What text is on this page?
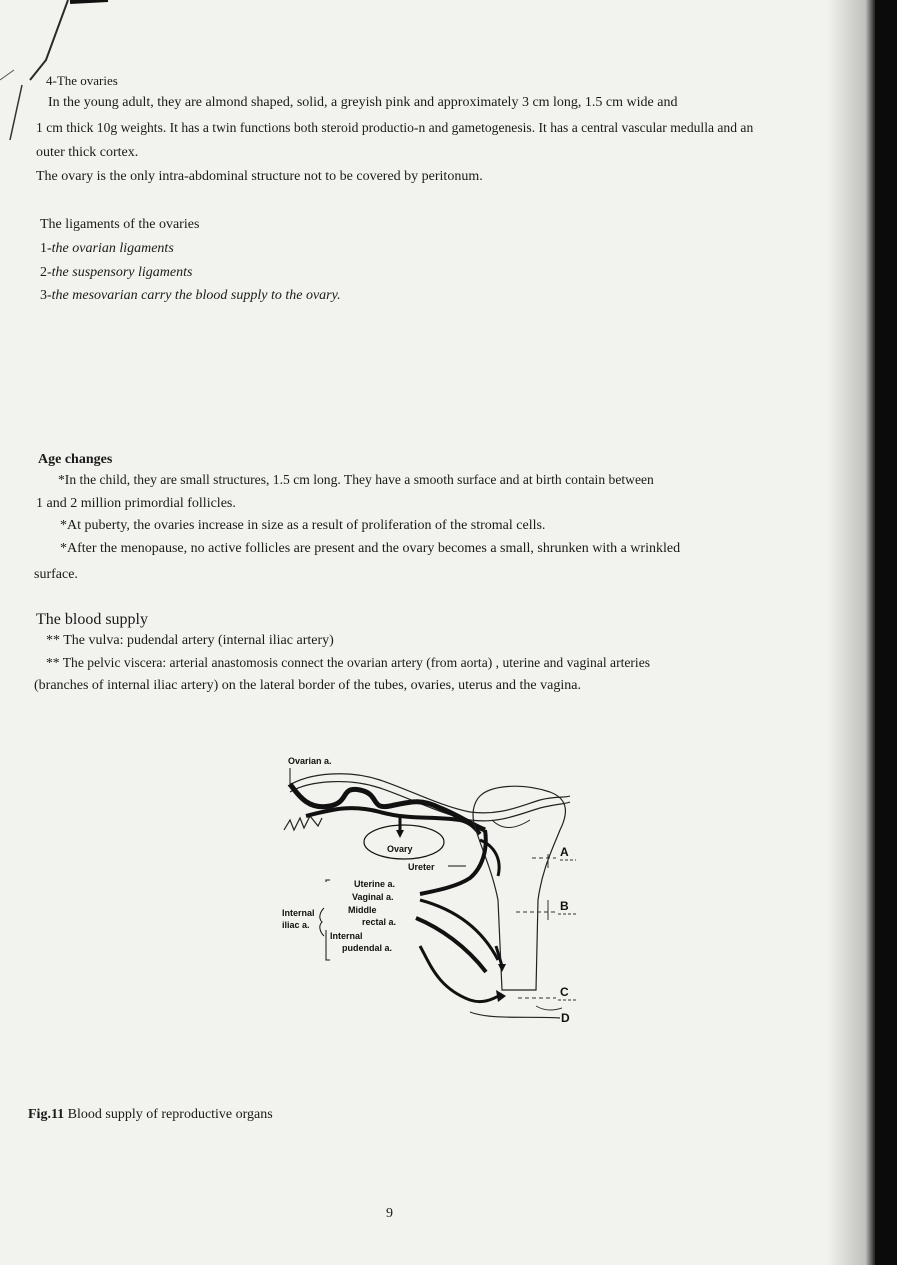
4-The ovaries
In the young adult, they are almond shaped, solid, a greyish pink and approximately 3 cm long, 1.5 cm wide and
1 cm thick 10g weights. It has a twin functions both steroid productio-n and gametogenesis. It has a central vascular medulla and an
outer thick cortex.
The ovary is the only intra-abdominal structure not to be covered by peritonum.
The ligaments of the ovaries
1-the ovarian ligaments
2-the suspensory ligaments
3-the mesovarian carry the blood supply to the ovary.
Age changes
*In the child, they are small structures, 1.5 cm long. They have a smooth surface and at birth contain between
1 and 2 million primordial follicles.
*At puberty, the ovaries increase in size as a result of proliferation of the stromal cells.
*After the menopause, no active follicles are present and the ovary becomes a small, shrunken with a wrinkled
surface.
The blood supply
** The vulva: pudendal artery (internal iliac artery)
** The pelvic viscera: arterial anastomosis connect the ovarian artery (from aorta) , uterine and vaginal arteries
(branches of internal iliac artery) on the lateral border of the tubes, ovaries, uterus and the vagina.
Ovarian a.
Ovary
Ureter
Uterine a.
Vaginal a.
Middle
rectal a.
Internal
pudendal a.
Internal
iliac a.
A
B
C
D
Fig.11 Blood supply of reproductive organs
9
